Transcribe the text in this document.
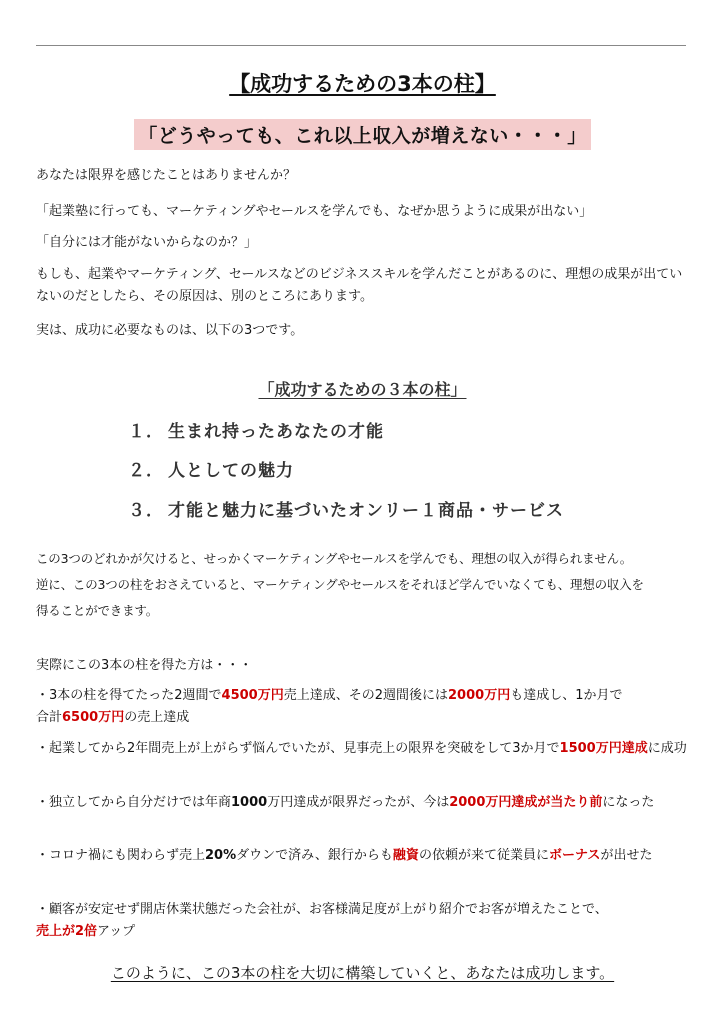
【成功するための3本の柱】
「どうやっても、これ以上収入が増えない・・・」
あなたは限界を感じたことはありませんか？
「起業塾に行っても、マーケティングやセールスを学んでも、なぜか思うように成果が出ない」
「自分には才能がないからなのか？」
もしも、起業やマーケティング、セールスなどのビジネススキルを学んだことがあるのに、理想の成果が出ていないのだとしたら、その原因は、別のところにあります。
実は、成功に必要なものは、以下の3つです。
「成功するための３本の柱」
１． 生まれ持ったあなたの才能
２． 人としての魅力
３． 才能と魅力に基づいたオンリー１商品・サービス
この3つのどれかが欠けると、せっかくマーケティングやセールスを学んでも、理想の収入が得られません。
逆に、この3つの柱をおさえていると、マーケティングやセールスをそれほど学んでいなくても、理想の収入を
得ることができます。
実際にこの3本の柱を得た方は・・・
・3本の柱を得てたった2週間で4500万円売上達成、その2週間後には2000万円も達成し、1か月で
合計6500万円の売上達成
・起業してから2年間売上が上がらず悩んでいたが、見事売上の限界を突破をして3か月で1500万円達成に成功
・独立してから自分だけでは年商1000万円達成が限界だったが、今は2000万円達成が当たり前になった
・コロナ禍にも関わらず売上20%ダウンで済み、銀行からも融資の依頼が来て従業員にボーナスが出せた
・顧客が安定せず開店休業状態だった会社が、お客様満足度が上がり紹介でお客が増えたことで、
売上が2倍アップ
このように、この3本の柱を大切に構築していくと、あなたは成功します。
